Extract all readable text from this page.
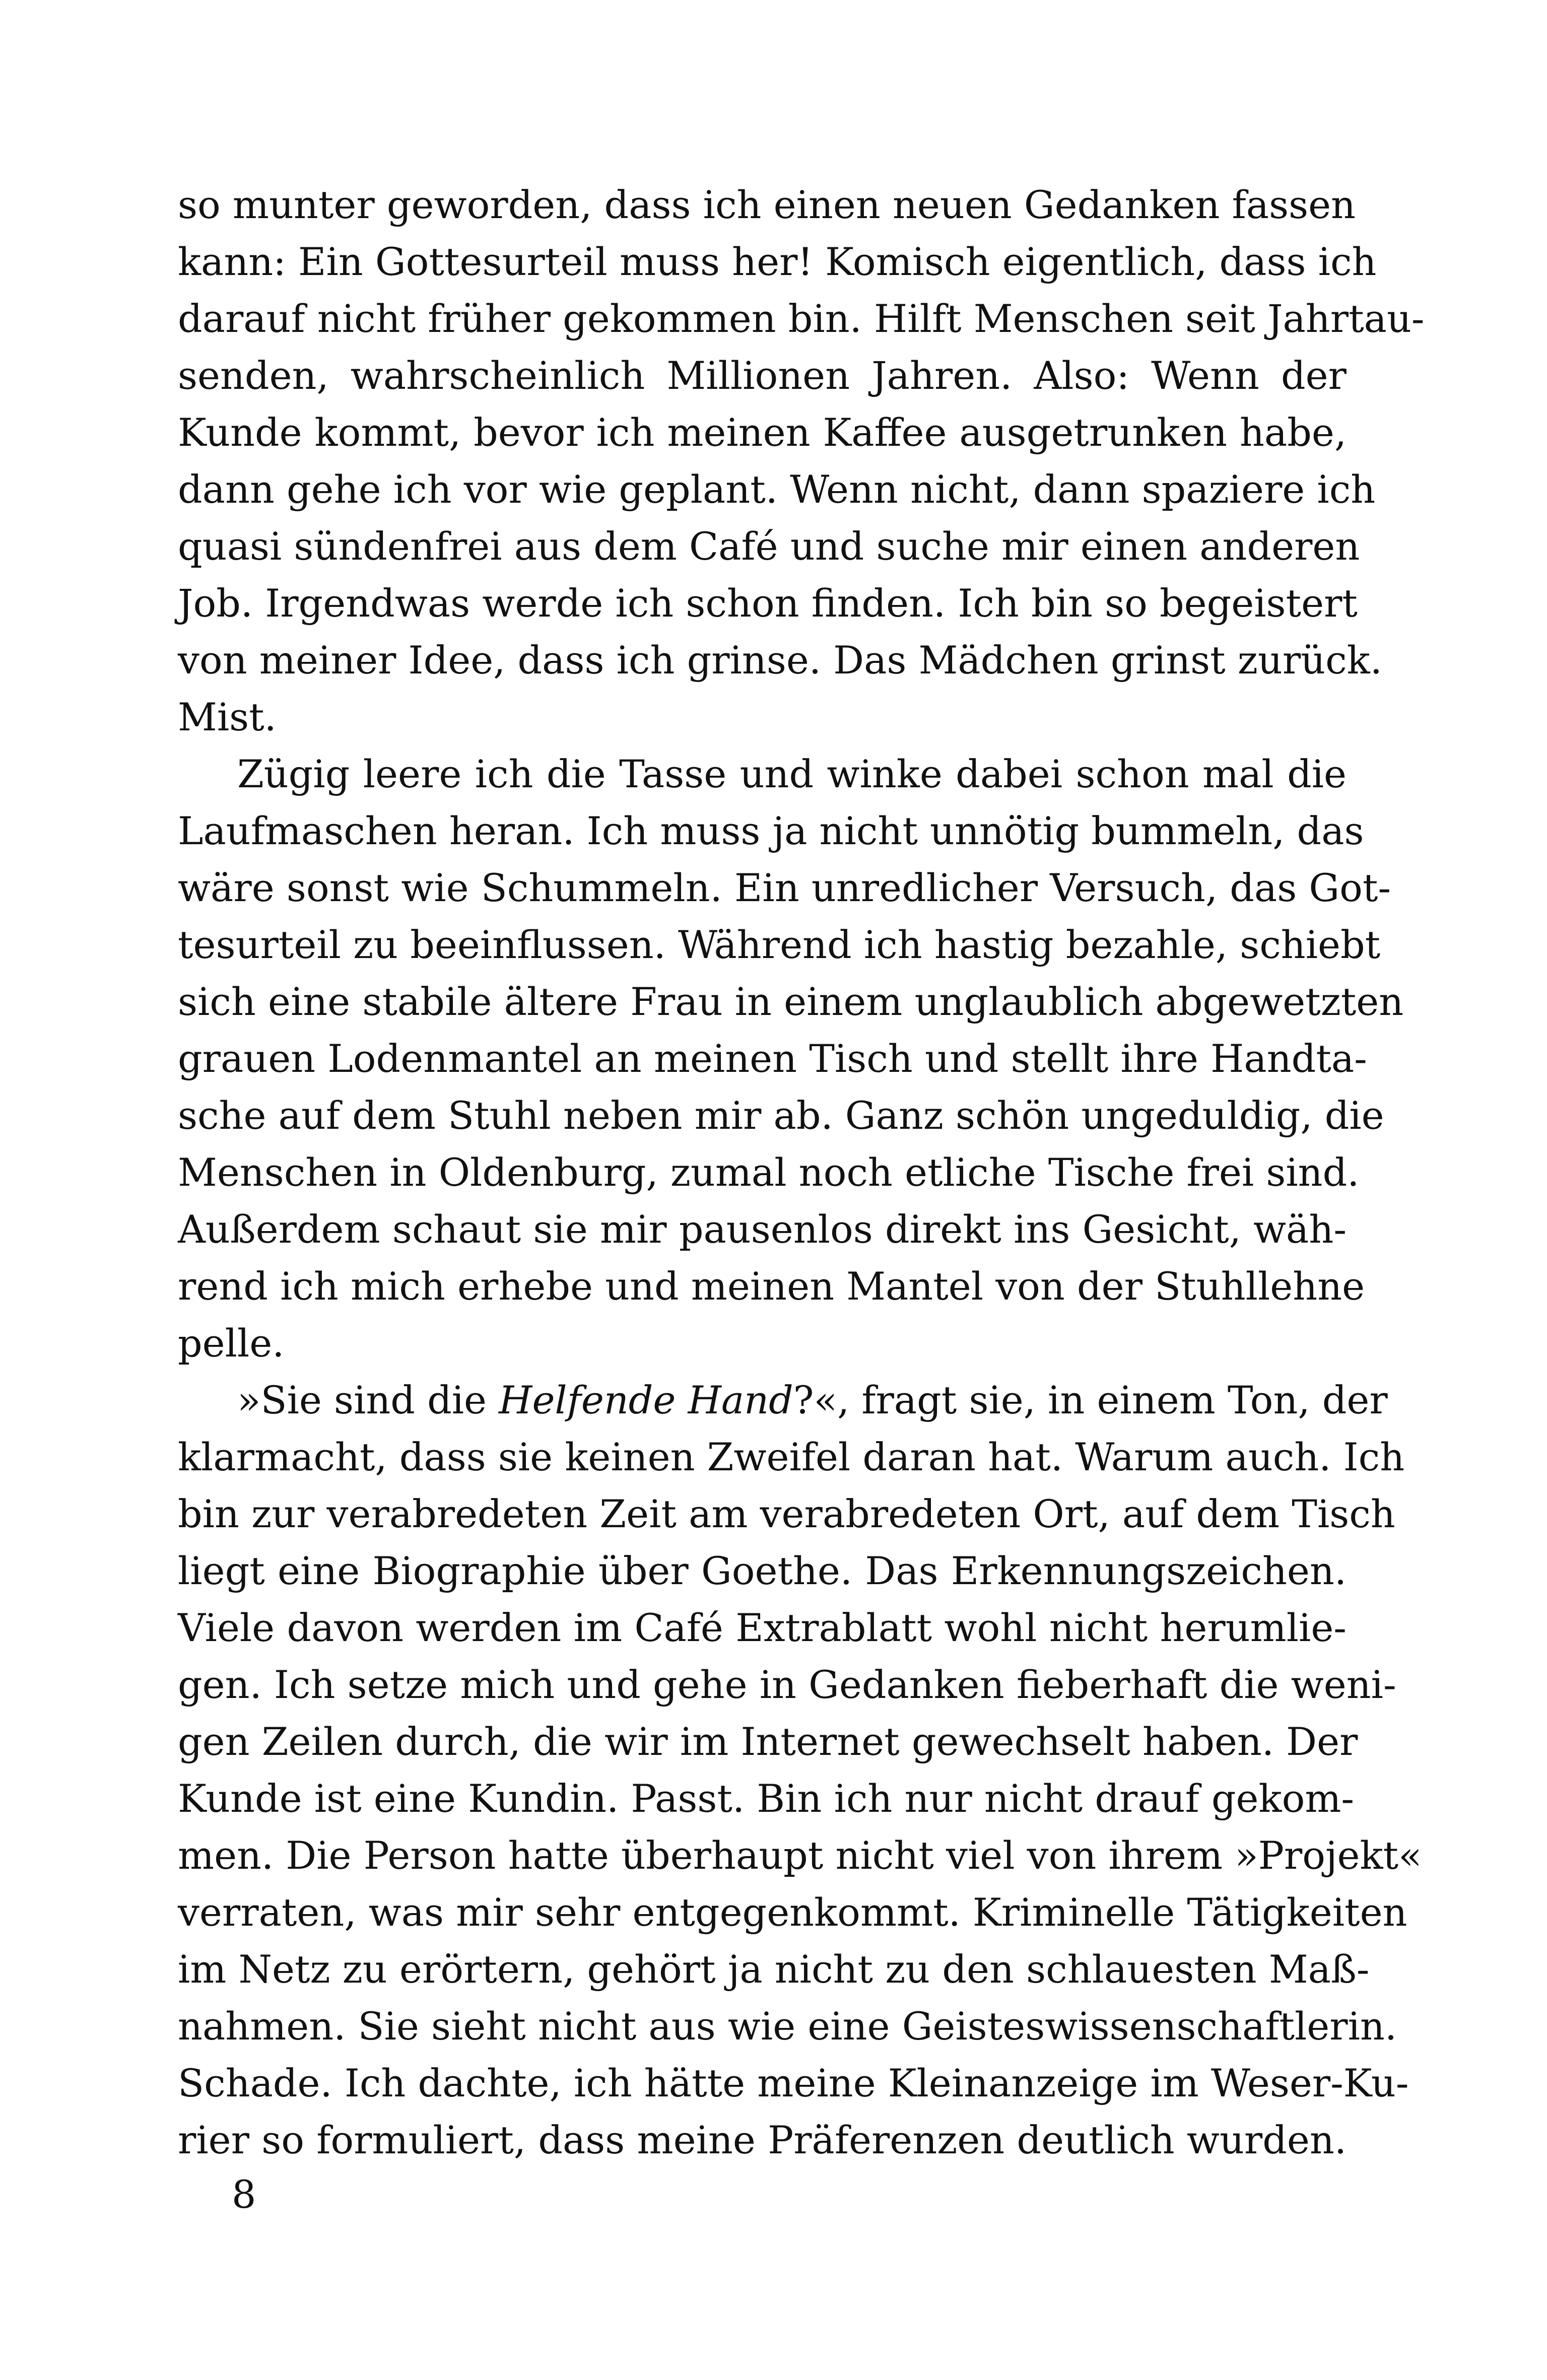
so munter geworden, dass ich einen neuen Gedanken fassen
kann: Ein Gottesurteil muss her! Komisch eigentlich, dass ich
darauf nicht früher gekommen bin. Hilft Menschen seit Jahrtau-
senden, wahrscheinlich Millionen Jahren. Also: Wenn der
Kunde kommt, bevor ich meinen Kaffee ausgetrunken habe,
dann gehe ich vor wie geplant. Wenn nicht, dann spaziere ich
quasi sündenfrei aus dem Café und suche mir einen anderen
Job. Irgendwas werde ich schon finden. Ich bin so begeistert
von meiner Idee, dass ich grinse. Das Mädchen grinst zurück.
Mist.
Zügig leere ich die Tasse und winke dabei schon mal die
Laufmaschen heran. Ich muss ja nicht unnötig bummeln, das
wäre sonst wie Schummeln. Ein unredlicher Versuch, das Got-
tesurteil zu beeinflussen. Während ich hastig bezahle, schiebt
sich eine stabile ältere Frau in einem unglaublich abgewetzten
grauen Lodenmantel an meinen Tisch und stellt ihre Handta-
sche auf dem Stuhl neben mir ab. Ganz schön ungeduldig, die
Menschen in Oldenburg, zumal noch etliche Tische frei sind.
Außerdem schaut sie mir pausenlos direkt ins Gesicht, wäh-
rend ich mich erhebe und meinen Mantel von der Stuhllehne
pelle.
»Sie sind die Helfende Hand?«, fragt sie, in einem Ton, der
klarmacht, dass sie keinen Zweifel daran hat. Warum auch. Ich
bin zur verabredeten Zeit am verabredeten Ort, auf dem Tisch
liegt eine Biographie über Goethe. Das Erkennungszeichen.
Viele davon werden im Café Extrablatt wohl nicht herumlie-
gen. Ich setze mich und gehe in Gedanken fieberhaft die weni-
gen Zeilen durch, die wir im Internet gewechselt haben. Der
Kunde ist eine Kundin. Passt. Bin ich nur nicht drauf gekom-
men. Die Person hatte überhaupt nicht viel von ihrem »Projekt«
verraten, was mir sehr entgegenkommt. Kriminelle Tätigkeiten
im Netz zu erörtern, gehört ja nicht zu den schlauesten Maß-
nahmen. Sie sieht nicht aus wie eine Geisteswissenschaftlerin.
Schade. Ich dachte, ich hätte meine Kleinanzeige im Weser-Ku-
rier so formuliert, dass meine Präferenzen deutlich wurden.
8
